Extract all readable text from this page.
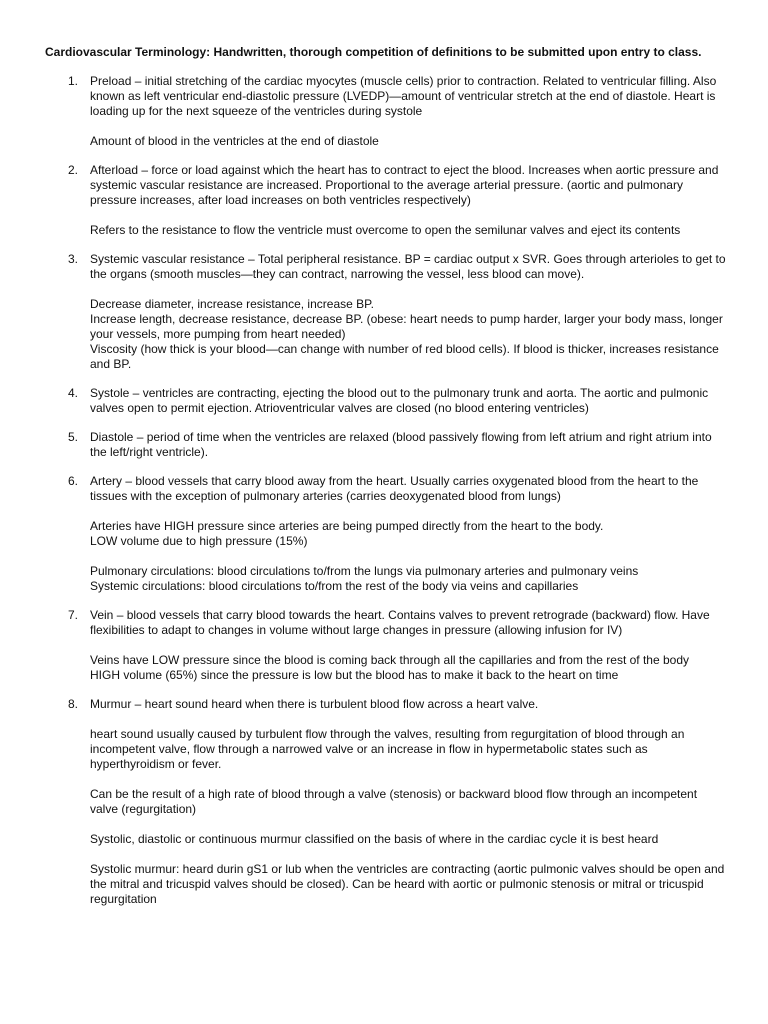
Cardiovascular Terminology: Handwritten, thorough competition of definitions to be submitted upon entry to class.

1. Preload – initial stretching of the cardiac myocytes (muscle cells) prior to contraction. Related to ventricular filling. Also known as left ventricular end-diastolic pressure (LVEDP)—amount of ventricular stretch at the end of diastole. Heart is loading up for the next squeeze of the ventricles during systole

Amount of blood in the ventricles at the end of diastole

2. Afterload – force or load against which the heart has to contract to eject the blood. Increases when aortic pressure and systemic vascular resistance are increased. Proportional to the average arterial pressure. (aortic and pulmonary pressure increases, after load increases on both ventricles respectively)

Refers to the resistance to flow the ventricle must overcome to open the semilunar valves and eject its contents

3. Systemic vascular resistance – Total peripheral resistance. BP = cardiac output x SVR. Goes through arterioles to get to the organs (smooth muscles—they can contract, narrowing the vessel, less blood can move).

Decrease diameter, increase resistance, increase BP.
Increase length, decrease resistance, decrease BP. (obese: heart needs to pump harder, larger your body mass, longer your vessels, more pumping from heart needed)
Viscosity (how thick is your blood—can change with number of red blood cells). If blood is thicker, increases resistance and BP.

4. Systole – ventricles are contracting, ejecting the blood out to the pulmonary trunk and aorta. The aortic and pulmonic valves open to permit ejection. Atrioventricular valves are closed (no blood entering ventricles)

5. Diastole – period of time when the ventricles are relaxed (blood passively flowing from left atrium and right atrium into the left/right ventricle).

6. Artery – blood vessels that carry blood away from the heart. Usually carries oxygenated blood from the heart to the tissues with the exception of pulmonary arteries (carries deoxygenated blood from lungs)

Arteries have HIGH pressure since arteries are being pumped directly from the heart to the body.
LOW volume due to high pressure (15%)

Pulmonary circulations: blood circulations to/from the lungs via pulmonary arteries and pulmonary veins
Systemic circulations: blood circulations to/from the rest of the body via veins and capillaries

7. Vein – blood vessels that carry blood towards the heart. Contains valves to prevent retrograde (backward) flow. Have flexibilities to adapt to changes in volume without large changes in pressure (allowing infusion for IV)

Veins have LOW pressure since the blood is coming back through all the capillaries and from the rest of the body
HIGH volume (65%) since the pressure is low but the blood has to make it back to the heart on time

8. Murmur – heart sound heard when there is turbulent blood flow across a heart valve.

heart sound usually caused by turbulent flow through the valves, resulting from regurgitation of blood through an incompetent valve, flow through a narrowed valve or an increase in flow in hypermetabolic states such as hyperthyroidism or fever.

Can be the result of a high rate of blood through a valve (stenosis) or backward blood flow through an incompetent valve (regurgitation)

Systolic, diastolic or continuous murmur classified on the basis of where in the cardiac cycle it is best heard

Systolic murmur: heard durin gS1 or lub when the ventricles are contracting (aortic pulmonic valves should be open and the mitral and tricuspid valves should be closed). Can be heard with aortic or pulmonic stenosis or mitral or tricuspid regurgitation
